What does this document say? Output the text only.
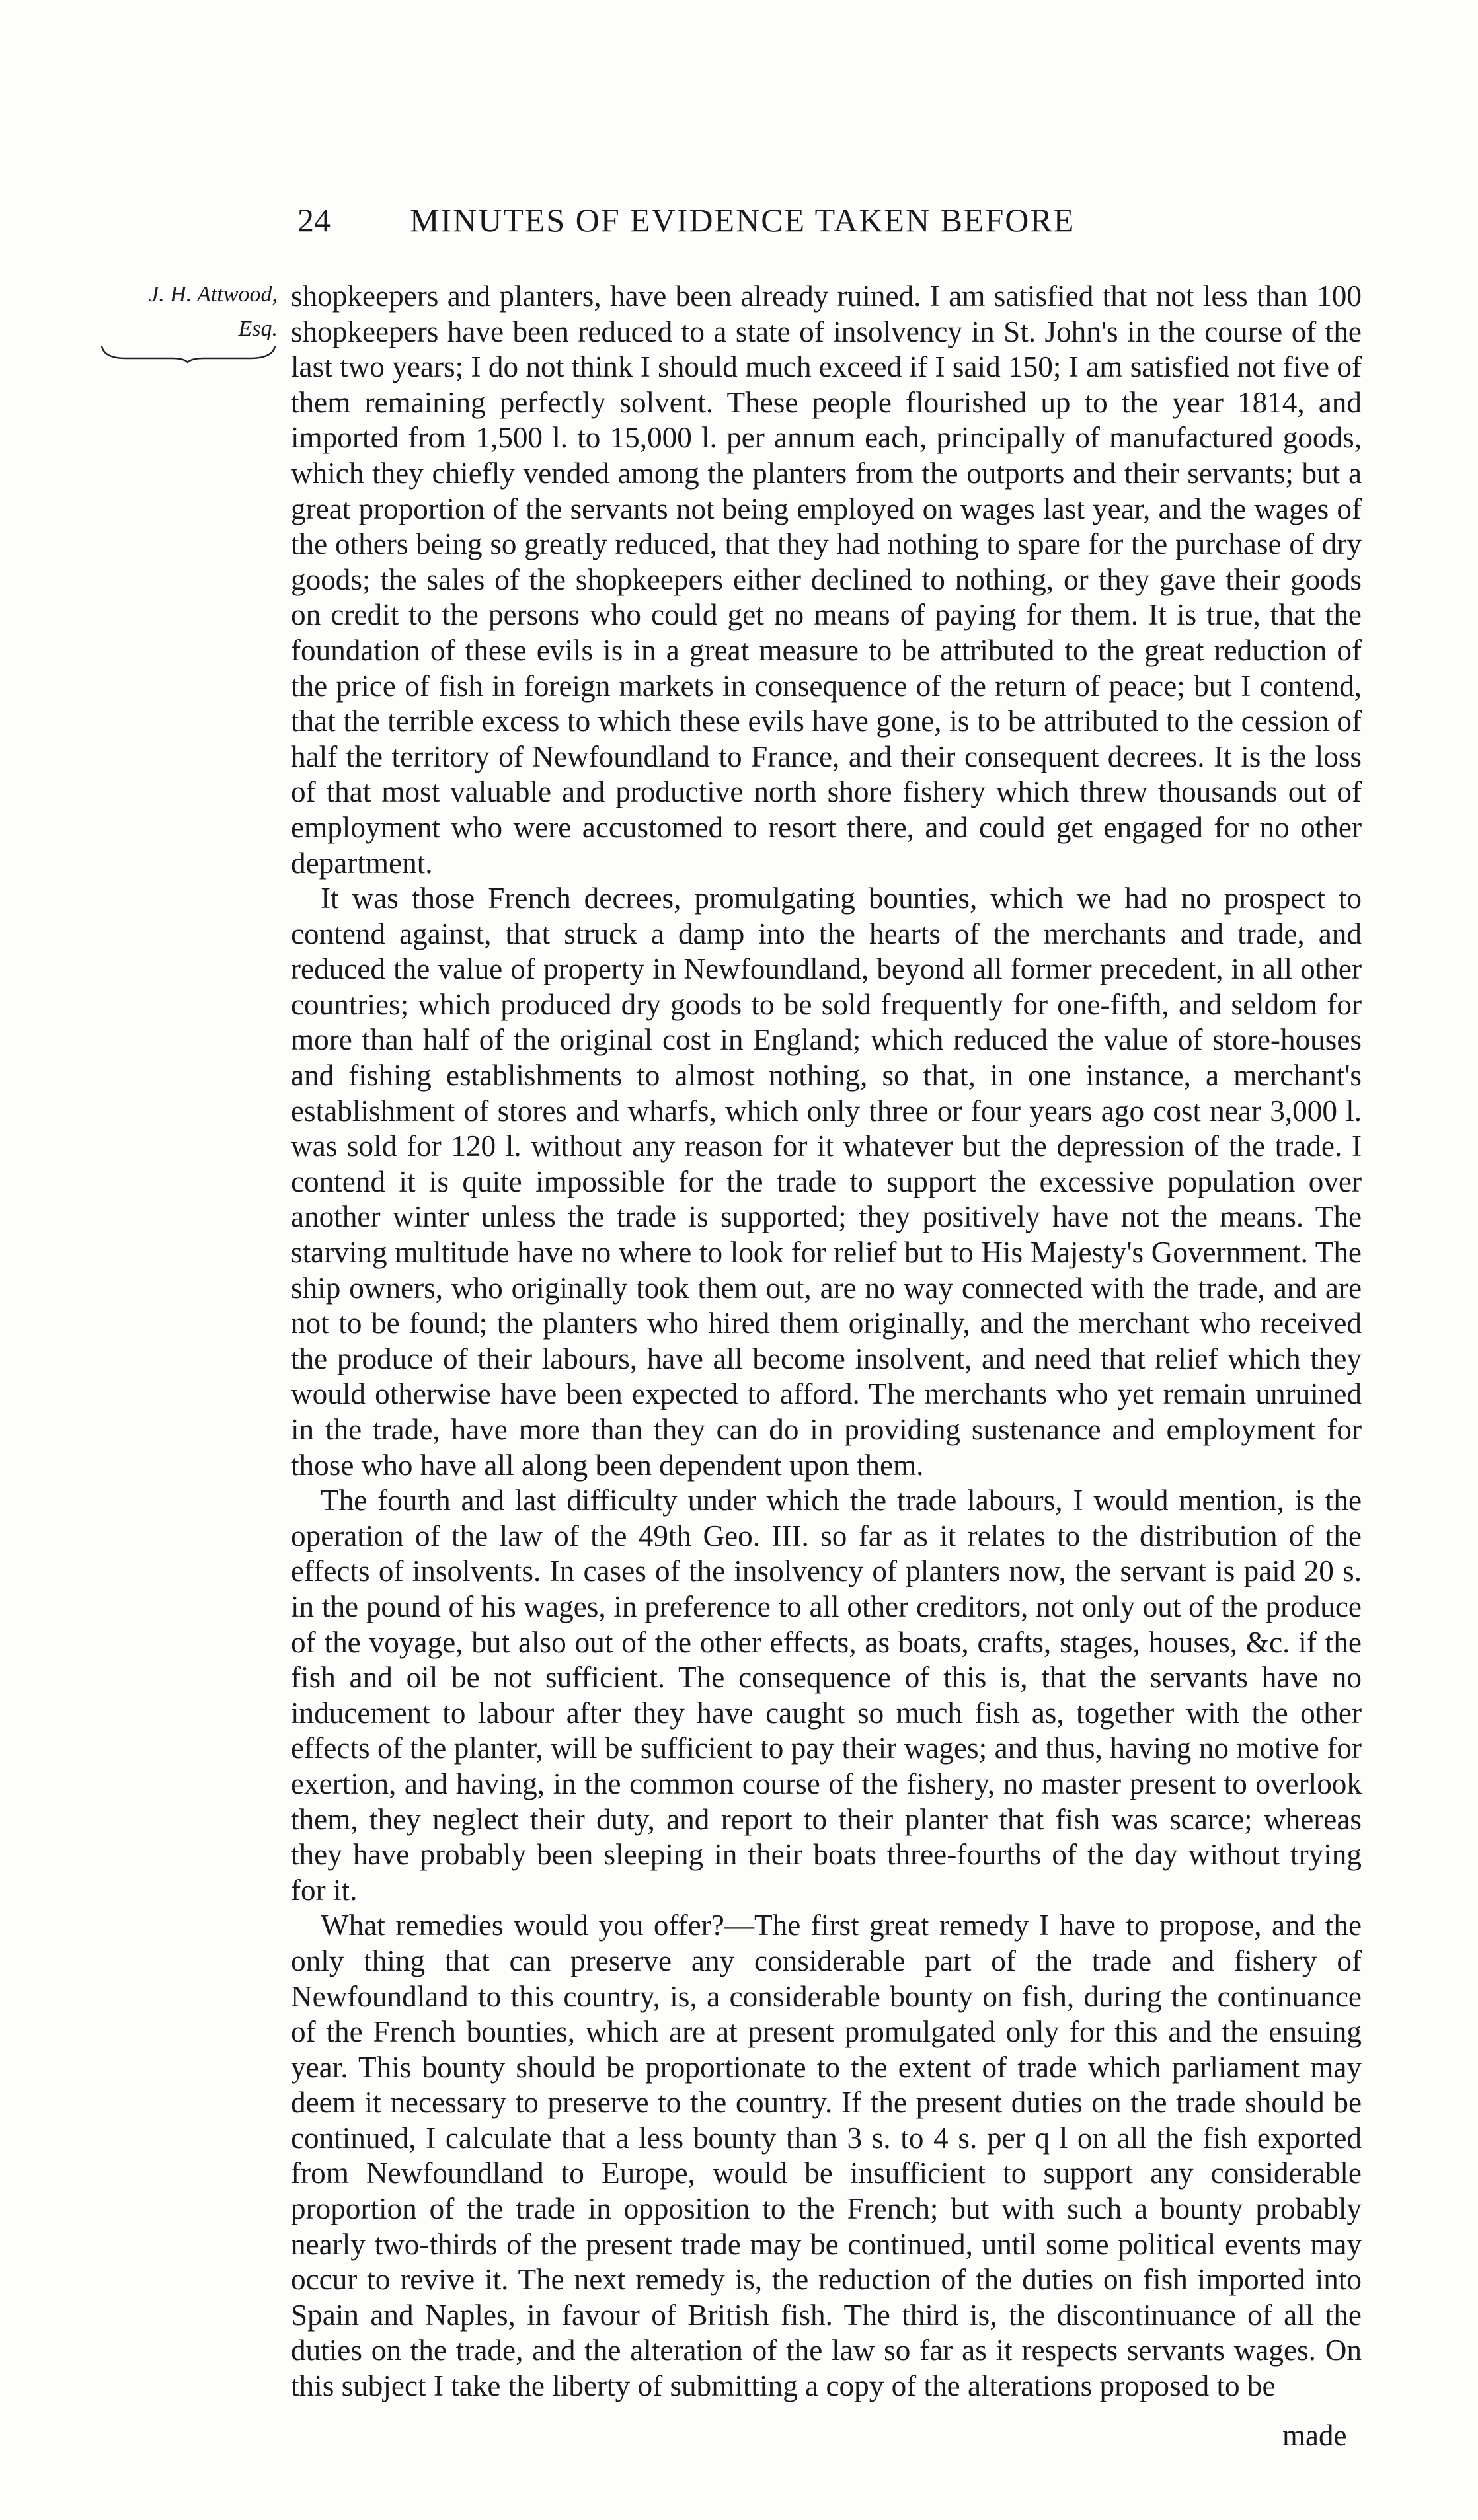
24 MINUTES OF EVIDENCE TAKEN BEFORE
J. H. Attwood,
Esq.

shopkeepers and planters, have been already ruined. I am satisfied that not less than 100 shopkeepers have been reduced to a state of insolvency in St. John's in the course of the last two years; I do not think I should much exceed if I said 150; I am satisfied not five of them remaining perfectly solvent. These people flourished up to the year 1814, and imported from 1,500 l. to 15,000 l. per annum each, principally of manufactured goods, which they chiefly vended among the planters from the outports and their servants; but a great proportion of the servants not being employed on wages last year, and the wages of the others being so greatly reduced, that they had nothing to spare for the purchase of dry goods; the sales of the shopkeepers either declined to nothing, or they gave their goods on credit to the persons who could get no means of paying for them. It is true, that the foundation of these evils is in a great measure to be attributed to the great reduction of the price of fish in foreign markets in consequence of the return of peace; but I contend, that the terrible excess to which these evils have gone, is to be attributed to the cession of half the territory of Newfoundland to France, and their consequent decrees. It is the loss of that most valuable and productive north shore fishery which threw thousands out of employment who were accustomed to resort there, and could get engaged for no other department.

It was those French decrees, promulgating bounties, which we had no prospect to contend against, that struck a damp into the hearts of the merchants and trade, and reduced the value of property in Newfoundland, beyond all former precedent, in all other countries; which produced dry goods to be sold frequently for one-fifth, and seldom for more than half of the original cost in England; which reduced the value of store-houses and fishing establishments to almost nothing, so that, in one instance, a merchant's establishment of stores and wharfs, which only three or four years ago cost near 3,000 l. was sold for 120 l. without any reason for it whatever but the depression of the trade. I contend it is quite impossible for the trade to support the excessive population over another winter unless the trade is supported; they positively have not the means. The starving multitude have no where to look for relief but to His Majesty's Government. The ship owners, who originally took them out, are no way connected with the trade, and are not to be found; the planters who hired them originally, and the merchant who received the produce of their labours, have all become insolvent, and need that relief which they would otherwise have been expected to afford. The merchants who yet remain unruined in the trade, have more than they can do in providing sustenance and employment for those who have all along been dependent upon them.

The fourth and last difficulty under which the trade labours, I would mention, is the operation of the law of the 49th Geo. III. so far as it relates to the distribution of the effects of insolvents. In cases of the insolvency of planters now, the servant is paid 20 s. in the pound of his wages, in preference to all other creditors, not only out of the produce of the voyage, but also out of the other effects, as boats, crafts, stages, houses, &c. if the fish and oil be not sufficient. The consequence of this is, that the servants have no inducement to labour after they have caught so much fish as, together with the other effects of the planter, will be sufficient to pay their wages; and thus, having no motive for exertion, and having, in the common course of the fishery, no master present to overlook them, they neglect their duty, and report to their planter that fish was scarce; whereas they have probably been sleeping in their boats three-fourths of the day without trying for it.

What remedies would you offer?—The first great remedy I have to propose, and the only thing that can preserve any considerable part of the trade and fishery of Newfoundland to this country, is, a considerable bounty on fish, during the continuance of the French bounties, which are at present promulgated only for this and the ensuing year. This bounty should be proportionate to the extent of trade which parliament may deem it necessary to preserve to the country. If the present duties on the trade should be continued, I calculate that a less bounty than 3 s. to 4 s. per q l on all the fish exported from Newfoundland to Europe, would be insufficient to support any considerable proportion of the trade in opposition to the French; but with such a bounty probably nearly two-thirds of the present trade may be continued, until some political events may occur to revive it. The next remedy is, the reduction of the duties on fish imported into Spain and Naples, in favour of British fish. The third is, the discontinuance of all the duties on the trade, and the alteration of the law so far as it respects servants wages. On this subject I take the liberty of submitting a copy of the alterations proposed to be

made
